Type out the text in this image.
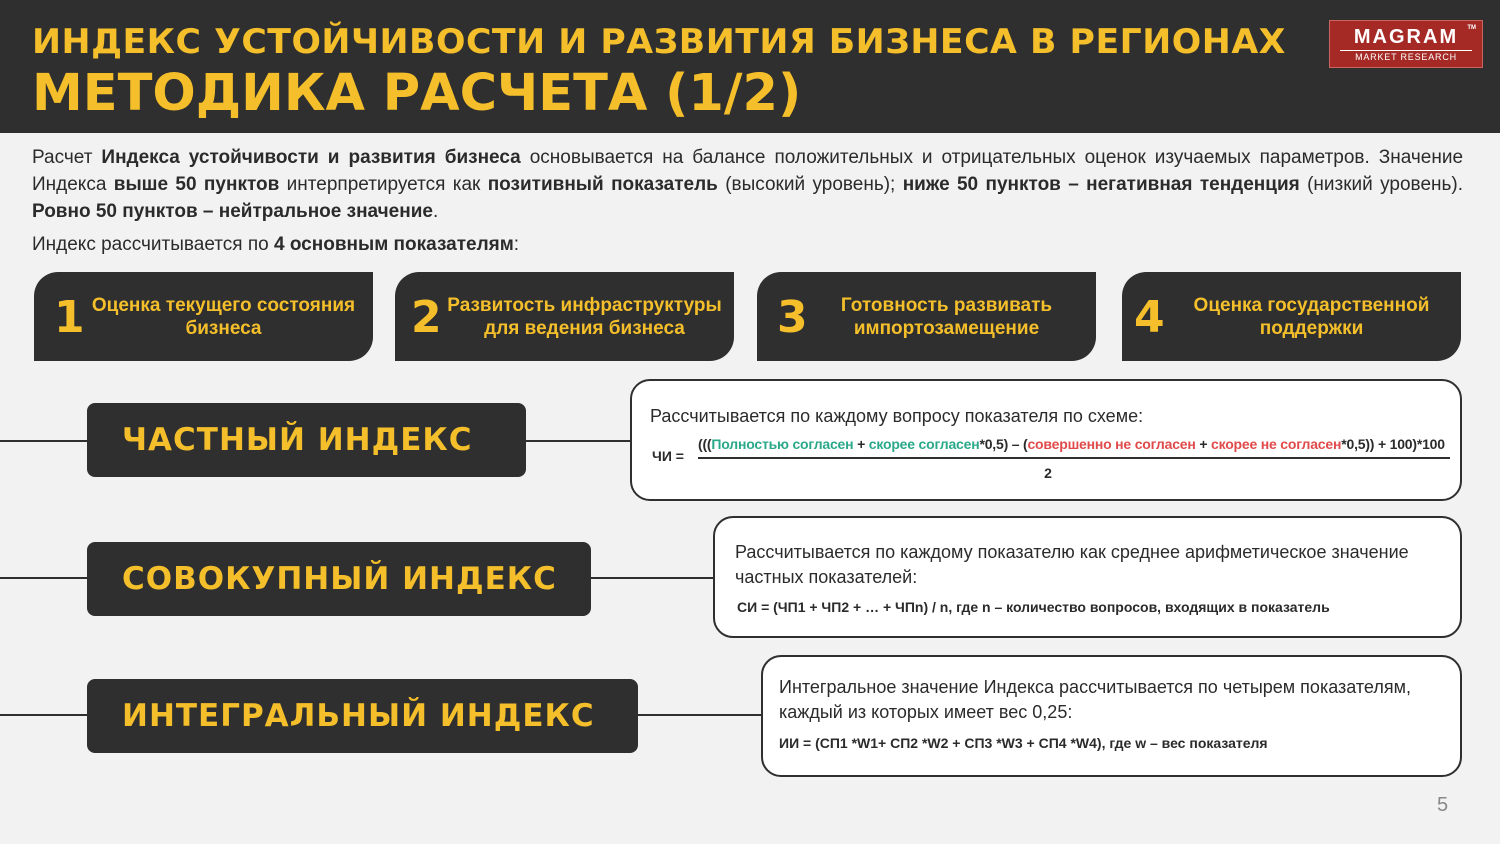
ИНДЕКС УСТОЙЧИВОСТИ И РАЗВИТИЯ БИЗНЕСА В РЕГИОНАХ
МЕТОДИКА РАСЧЕТА (1/2)
MAGRAM	TM
MARKET RESEARCH
Расчет Индекса устойчивости и развития бизнеса основывается на балансе положительных и отрицательных оценок изучаемых параметров. Значение Индекса выше 50 пунктов интерпретируется как позитивный показатель (высокий уровень); ниже 50 пунктов – негативная тенденция (низкий уровень). Ровно 50 пунктов – нейтральное значение.
Индекс рассчитывается по 4 основным показателям:
1 Оценка текущего состояния бизнеса	2 Развитость инфраструктуры для ведения бизнеса	3	Готовность развивать импортозамещение	4	Оценка государственной поддержки
ЧАСТНЫЙ ИНДЕКС
Рассчитывается по каждому вопросу показателя по схеме:
ЧИ =
(((Полностью согласен + скорее согласен*0,5) – (совершенно не согласен + скорее не согласен*0,5)) + 100)*100
2
СОВОКУПНЫЙ ИНДЕКС
Рассчитывается по каждому показателю как среднее арифметическое значение частных показателей:
СИ = (ЧП1 + ЧП2 + … + ЧПn) / n, где n – количество вопросов, входящих в показатель
ИНТЕГРАЛЬНЫЙ ИНДЕКС
Интегральное значение Индекса рассчитывается по четырем показателям, каждый из которых имеет вес 0,25:
ИИ = (СП1 *W1+ СП2 *W2 + СП3 *W3 + СП4 *W4), где w – вес показателя
5
